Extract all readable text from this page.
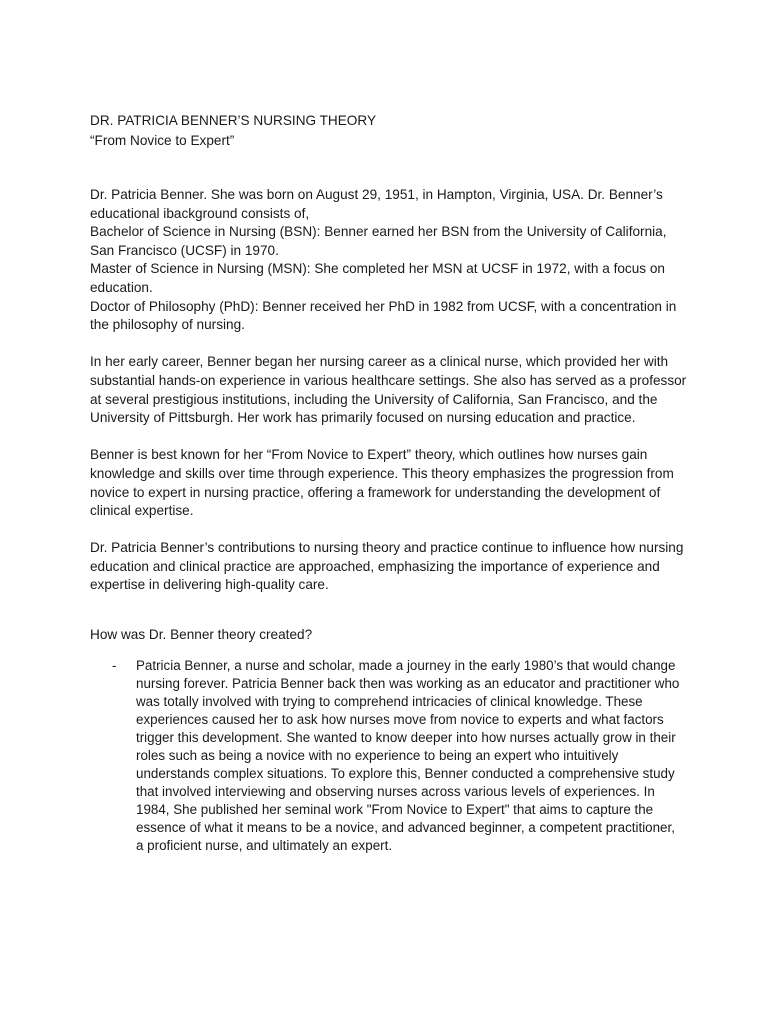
DR. PATRICIA BENNER’S NURSING THEORY

“From Novice to Expert”

Dr. Patricia Benner. She was born on August 29, 1951, in Hampton, Virginia, USA. Dr. Benner’s educational ibackground consists of,

Bachelor of Science in Nursing (BSN): Benner earned her BSN from the University of California, San Francisco (UCSF) in 1970.

Master of Science in Nursing (MSN): She completed her MSN at UCSF in 1972, with a focus on education.

Doctor of Philosophy (PhD): Benner received her PhD in 1982 from UCSF, with a concentration in the philosophy of nursing.

In her early career, Benner began her nursing career as a clinical nurse, which provided her with substantial hands-on experience in various healthcare settings. She also has served as a professor at several prestigious institutions, including the University of California, San Francisco, and the University of Pittsburgh. Her work has primarily focused on nursing education and practice.

Benner is best known for her “From Novice to Expert” theory, which outlines how nurses gain knowledge and skills over time through experience. This theory emphasizes the progression from novice to expert in nursing practice, offering a framework for understanding the development of clinical expertise.

Dr. Patricia Benner’s contributions to nursing theory and practice continue to influence how nursing education and clinical practice are approached, emphasizing the importance of experience and expertise in delivering high-quality care.

How was Dr. Benner theory created?

- Patricia Benner, a nurse and scholar, made a journey in the early 1980’s that would change nursing forever. Patricia Benner back then was working as an educator and practitioner who was totally involved with trying to comprehend intricacies of clinical knowledge. These experiences caused her to ask how nurses move from novice to experts and what factors trigger this development. She wanted to know deeper into how nurses actually grow in their roles such as being a novice with no experience to being an expert who intuitively understands complex situations. To explore this, Benner conducted a comprehensive study that involved interviewing and observing nurses across various levels of experiences. In 1984, She published her seminal work "From Novice to Expert" that aims to capture the essence of what it means to be a novice, and advanced beginner, a competent practitioner, a proficient nurse, and ultimately an expert.
